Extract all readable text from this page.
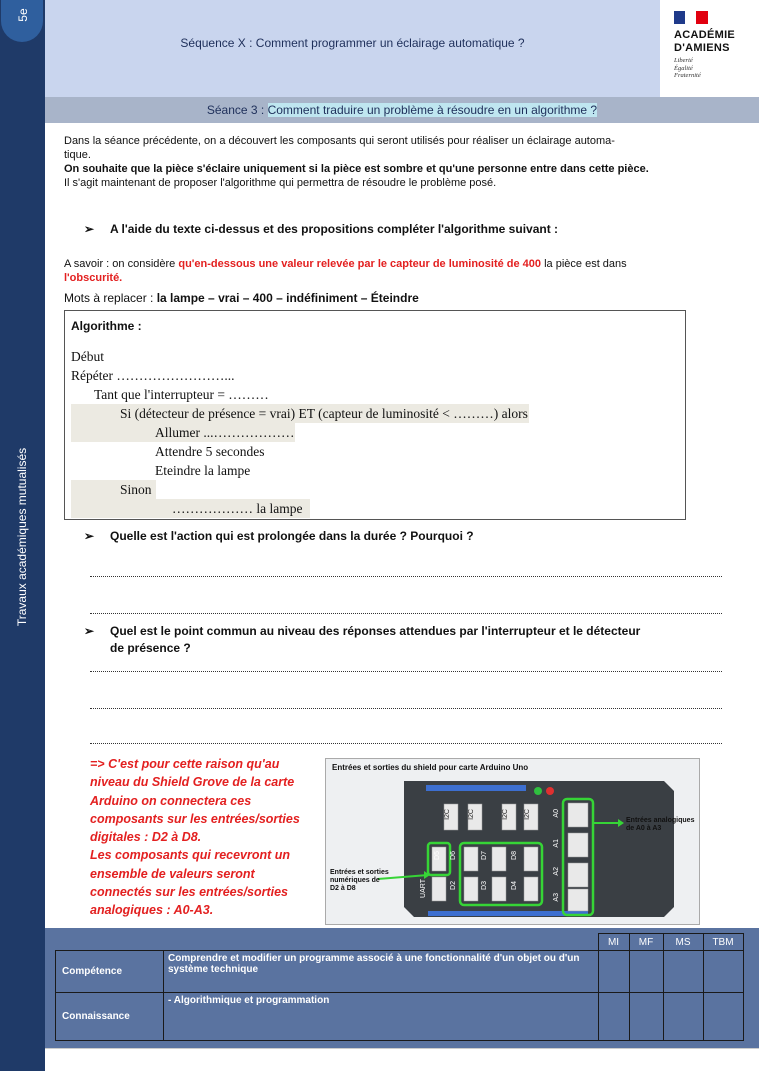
5e
Travaux académiques mutualisés
Séquence X : Comment programmer un éclairage automatique ?
ACADÉMIE
D'AMIENS
Liberté
Égalité
Fraternité
Séance 3 : Comment traduire un problème à résoudre en un algorithme ?

Dans la séance précédente, on a découvert les composants qui seront utilisés pour réaliser un éclairage automa-

tique.

On souhaite que la pièce s'éclaire uniquement si la pièce est sombre et qu'une personne entre dans cette pièce.

Il s'agit maintenant de proposer l'algorithme qui permettra de résoudre le problème posé.

➢	A l'aide du texte ci-dessus et des propositions compléter l'algorithme suivant :
A savoir : on considère qu'en-dessous une valeur relevée par le capteur de luminosité de 400 la pièce est dans
l'obscurité.
Mots à replacer : la lampe – vrai – 400 – indéfiniment – Éteindre
Algorithme :
Début
Répéter ……………………...
Tant que l'interrupteur = ………
Si (détecteur de présence = vrai) ET (capteur de luminosité < ………) alors
Allumer ...………………
Attendre 5 secondes
Eteindre la lampe
Sinon
……………… la lampe
➢	Quelle est l'action qui est prolongée dans la durée ? Pourquoi ?
➢	Quel est le point commun au niveau des réponses attendues par l'interrupteur et le détecteur
de présence ?
=> C'est pour cette raison qu'au
niveau du Shield Grove de la carte
Arduino on connectera ces
composants sur les entrées/sorties
digitales : D2 à D8.
Les composants qui recevront un
ensemble de valeurs seront
connectés sur les entrées/sorties
analogiques : A0-A3.
Entrées et sorties du shield pour carte Arduino Uno
I2C	I2C	I2C	I2C
D5 D6	D7	D8
UART	D2	D3	D4
A0
A1
A2
A3
Entrées analogiques
de A0 à A3
Entrées et sorties
numériques de
D2 à D8
		MI	MF	MS	TBM
Compétence	Comprendre et modifier un programme associé à une fonctionnalité d'un objet ou d'un système technique				
Connaissance	- Algorithmique et programmation				
